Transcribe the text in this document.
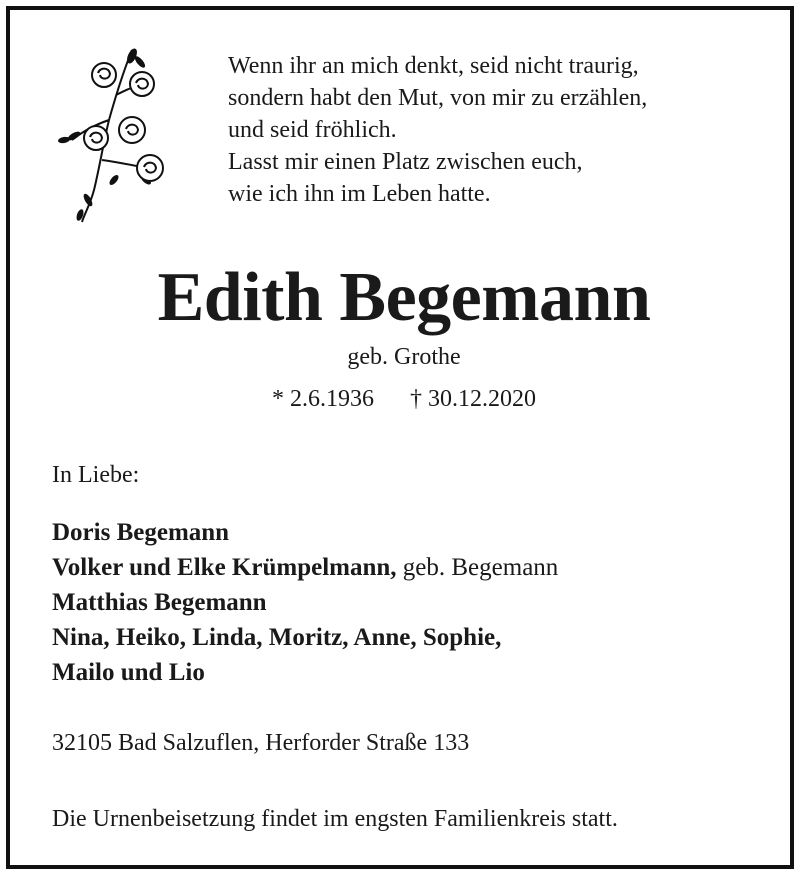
Wenn ihr an mich denkt, seid nicht traurig,
sondern habt den Mut, von mir zu erzählen,
und seid fröhlich.
Lasst mir einen Platz zwischen euch,
wie ich ihn im Leben hatte.
Edith Begemann
geb. Grothe
* 2.6.1936 † 30.12.2020
In Liebe:
Doris Begemann
Volker und Elke Krümpelmann, geb. Begemann
Matthias Begemann
Nina, Heiko, Linda, Moritz, Anne, Sophie,
Mailo und Lio
32105 Bad Salzuflen, Herforder Straße 133
Die Urnenbeisetzung findet im engsten Familienkreis statt.
